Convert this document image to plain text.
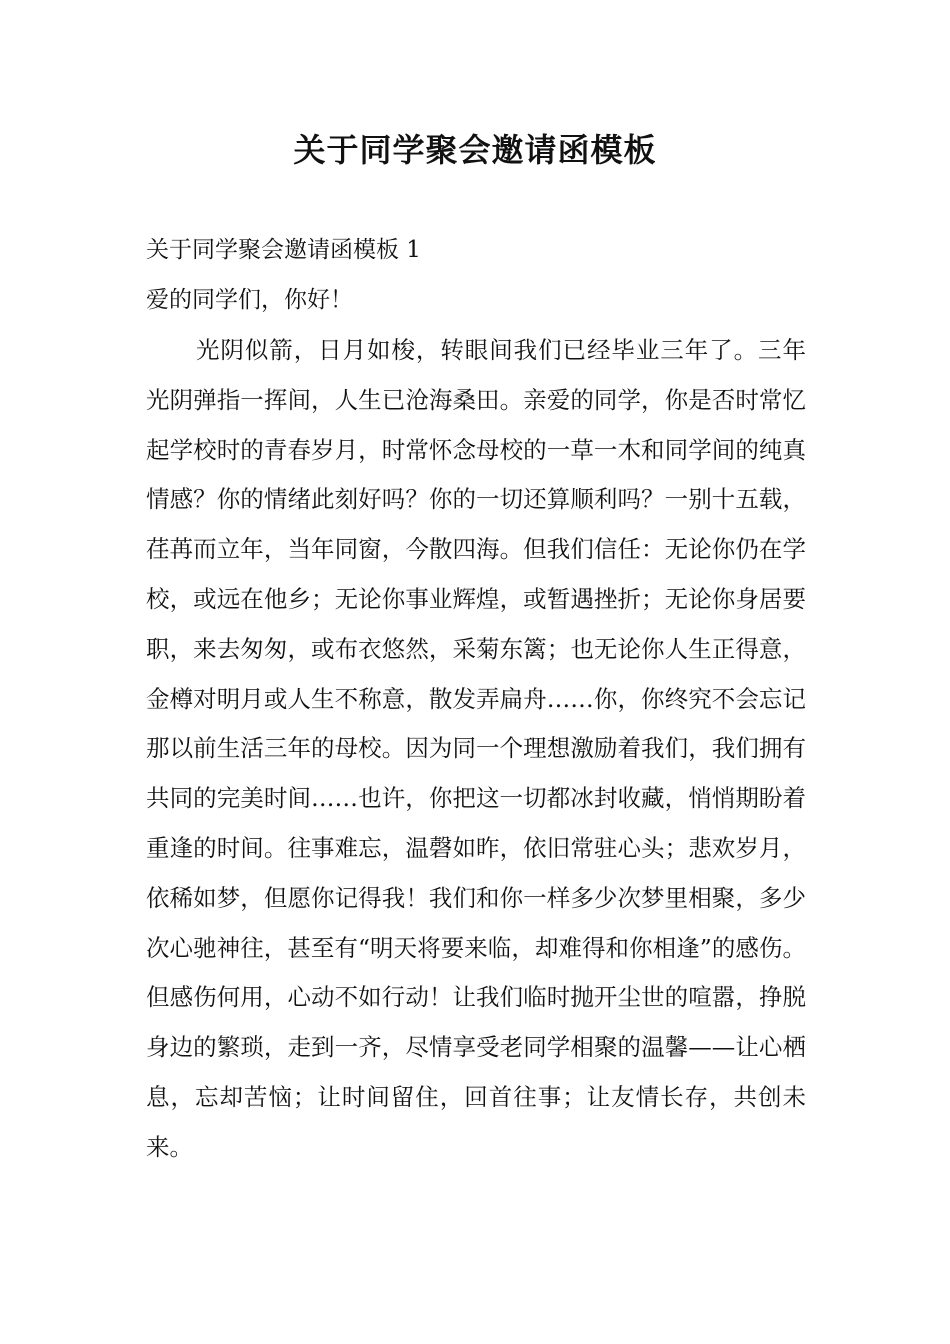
关于同学聚会邀请函模板

关于同学聚会邀请函模板 1

爱的同学们，你好！

光阴似箭，日月如梭，转眼间我们已经毕业三年了。三年光阴弹指一挥间，人生已沧海桑田。亲爱的同学，你是否时常忆起学校时的青春岁月，时常怀念母校的一草一木和同学间的纯真情感？你的情绪此刻好吗？你的一切还算顺利吗？一别十五载，荏苒而立年，当年同窗，今散四海。但我们信任：无论你仍在学校，或远在他乡；无论你事业辉煌，或暂遇挫折；无论你身居要职，来去匆匆，或布衣悠然，采菊东篱；也无论你人生正得意，金樽对明月或人生不称意，散发弄扁舟……你，你终究不会忘记那以前生活三年的母校。因为同一个理想激励着我们，我们拥有共同的完美时间……也许，你把这一切都冰封收藏，悄悄期盼着重逢的时间。往事难忘，温磬如昨，依旧常驻心头；悲欢岁月，依稀如梦，但愿你记得我！我们和你一样多少次梦里相聚，多少次心驰神往，甚至有“明天将要来临，却难得和你相逢”的感伤。但感伤何用，心动不如行动！让我们临时抛开尘世的喧嚣，挣脱身边的繁琐，走到一齐，尽情享受老同学相聚的温馨——让心栖息，忘却苦恼；让时间留住，回首往事；让友情长存，共创未来。
